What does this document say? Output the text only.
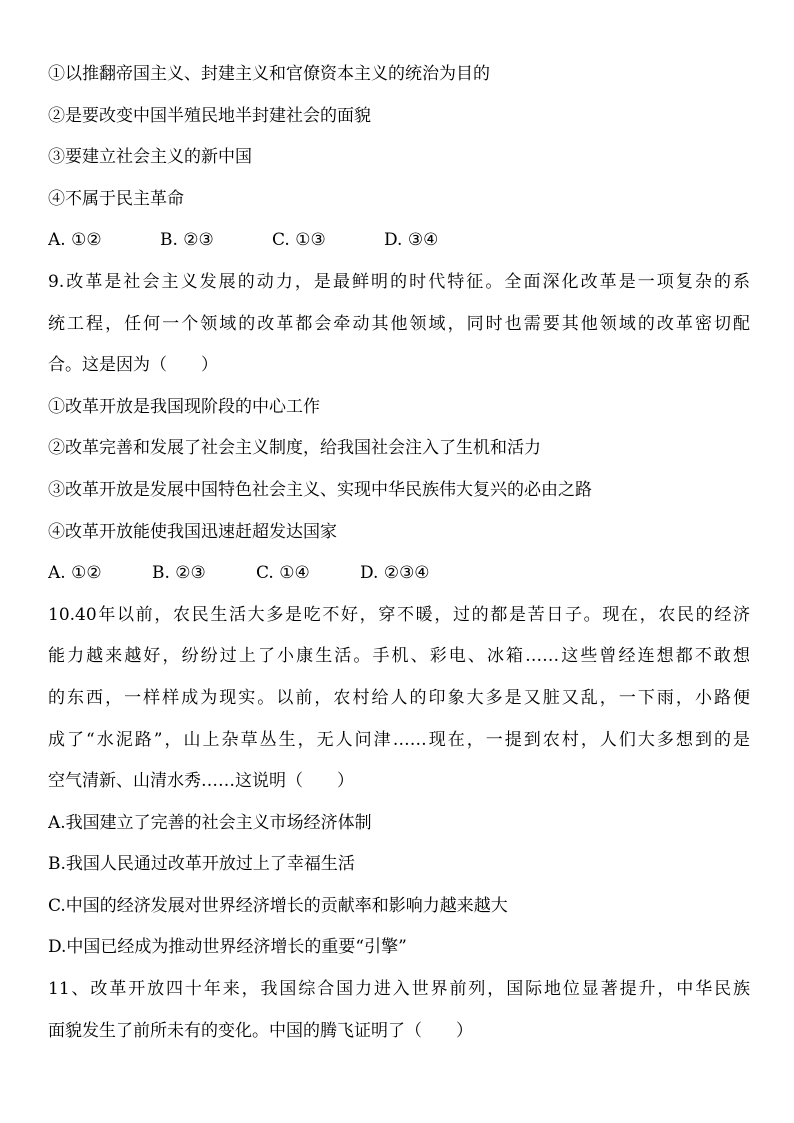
①以推翻帝国主义、封建主义和官僚资本主义的统治为目的
②是要改变中国半殖民地半封建社会的面貌
③要建立社会主义的新中国
④不属于民主革命
A. ①②	B. ②③	C. ①③	D. ③④
9.改革是社会主义发展的动力，是最鲜明的时代特征。全面深化改革是一项复杂的系
统工程，任何一个领域的改革都会牵动其他领域，同时也需要其他领域的改革密切配
合。这是因为（　　）
①改革开放是我国现阶段的中心工作
②改革完善和发展了社会主义制度，给我国社会注入了生机和活力
③改革开放是发展中国特色社会主义、实现中华民族伟大复兴的必由之路
④改革开放能使我国迅速赶超发达国家
A. ①②	B. ②③	C. ①④	D. ②③④
10.40年以前，农民生活大多是吃不好，穿不暖，过的都是苦日子。现在，农民的经济
能力越来越好，纷纷过上了小康生活。手机、彩电、冰箱……这些曾经连想都不敢想
的东西，一样样成为现实。以前，农村给人的印象大多是又脏又乱，一下雨，小路便
成了“水泥路”，山上杂草丛生，无人问津……现在，一提到农村，人们大多想到的是
空气清新、山清水秀……这说明（　　）
A.我国建立了完善的社会主义市场经济体制
B.我国人民通过改革开放过上了幸福生活
C.中国的经济发展对世界经济增长的贡献率和影响力越来越大
D.中国已经成为推动世界经济增长的重要“引擎”
11、改革开放四十年来，我国综合国力进入世界前列，国际地位显著提升，中华民族
面貌发生了前所未有的变化。中国的腾飞证明了（　　）
